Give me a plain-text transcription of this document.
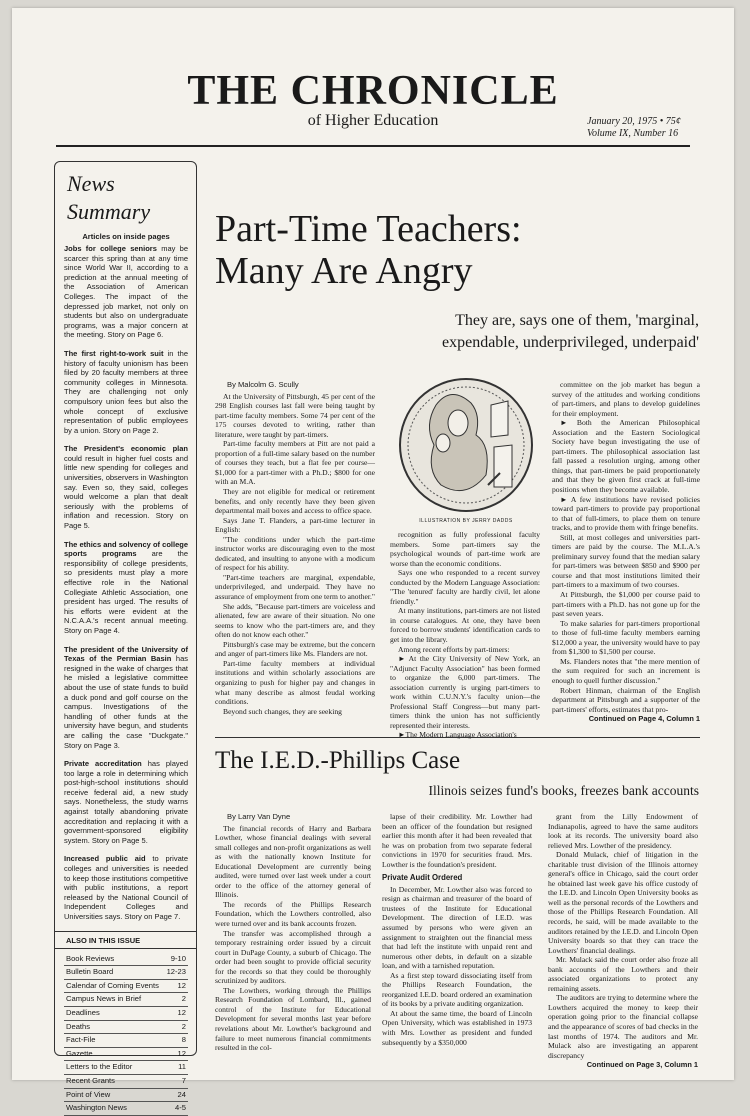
THE CHRONICLE
of Higher Education	January 20, 1975 • 75¢
Volume IX, Number 16
News
Summary
Articles on inside pages
Jobs for college seniors may be scarcer this spring than at any time since World War II, according to a prediction at the annual meeting of the Association of American Colleges. The impact of the depressed job market, not only on students but also on undergraduate programs, was a major concern at the meeting. Story on Page 6.
The first right-to-work suit in the history of faculty unionism has been filed by 20 faculty members at three community colleges in Minnesota. They are challenging not only compulsory union fees but also the whole concept of exclusive representation of public employees by a union. Story on Page 2.
The President's economic plan could result in higher fuel costs and little new spending for colleges and universities, observers in Washington say. Even so, they said, colleges would welcome a plan that dealt seriously with the problems of inflation and recession. Story on Page 5.
The ethics and solvency of college sports programs are the responsibility of college presidents, so presidents must play a more effective role in the National Collegiate Athletic Association, one president has urged. The results of his efforts were evident at the N.C.A.A.'s recent annual meeting. Story on Page 4.
The president of the University of Texas of the Permian Basin has resigned in the wake of charges that he misled a legislative committee about the use of state funds to build a duck pond and golf course on the campus. Investigations of the handling of other funds at the university have begun, and students are calling the case "Duckgate." Story on Page 3.
Private accreditation has played too large a role in determining which post-high-school institutions should receive federal aid, a new study says. Nonetheless, the study warns against totally abandoning private accreditation and replacing it with a government-sponsored eligibility system. Story on Page 5.
Increased public aid to private colleges and universities is needed to keep those institutions competitive with public institutions, a report released by the National Council of Independent Colleges and Universities says. Story on Page 7.
ALSO IN THIS ISSUE
Book Reviews	9-10
Bulletin Board	12-23
Calendar of Coming Events 12
Campus News in Brief	2
Deadlines	12
Deaths	2
Fact-File	8
Gazette	12
Letters to the Editor	11
Recent Grants	7
Point of View	24
Washington News	4-5
Part-Time Teachers:
Many Are Angry
They are, says one of them, 'marginal,
expendable, underprivileged, underpaid'

By Malcolm G. Scully

At the University of Pittsburgh, 45 per cent of the 298 English courses last fall were being taught by part-time faculty members. Some 74 per cent of the 175 courses devoted to writing, rather than literature, were taught by part-timers.

Part-time faculty members at Pitt are not paid a proportion of a full-time salary based on the number of courses they teach, but a flat fee per course—$1,000 for a part-timer with a Ph.D.; $800 for one with an M.A.

They are not eligible for medical or retirement benefits, and only recently have they been given departmental mail boxes and access to office space.

Says Jane T. Flanders, a part-time lecturer in English:

"The conditions under which the part-time instructor works are discouraging even to the most dedicated, and insulting to anyone with a modicum of respect for his ability.

"Part-time teachers are marginal, expendable, underprivileged, and underpaid. They have no assurance of employment from one term to another."

She adds, "Because part-timers are voiceless and alienated, few are aware of their situation. No one seems to know who the part-timers are, and they often do not know each other."

Pittsburgh's case may be extreme, but the concern and anger of part-timers like Ms. Flanders are not.

Part-time faculty members at individual institutions and within scholarly associations are organizing to push for higher pay and changes in what many describe as almost feudal working conditions.

Beyond such changes, they are seeking

ILLUSTRATION BY JERRY DADDS

recognition as fully professional faculty members. Some part-timers say the psychological wounds of part-time work are worse than the economic conditions.

Says one who responded to a recent survey conducted by the Modern Language Association: "The 'tenured' faculty are hardly civil, let alone friendly."

At many institutions, part-timers are not listed in course catalogues. At one, they have been forced to borrow students' identification cards to get into the library.

Among recent efforts by part-timers:

► At the City University of New York, an "Adjunct Faculty Association" has been formed to organize the 6,000 part-timers. The association currently is urging part-timers to work within C.U.N.Y.'s faculty union—the Professional Staff Congress—but many part-timers think the union has not sufficiently represented their interests.

►The Modern Language Association's

committee on the job market has begun a survey of the attitudes and working conditions of part-timers, and plans to develop guidelines for their employment.

► Both the American Philosophical Association and the Eastern Sociological Society have begun investigating the use of part-timers. The philosophical association last fall passed a resolution urging, among other things, that part-timers be paid proportionately and that they be given first crack at full-time positions when they become available.

► A few institutions have revised policies toward part-timers to provide pay proportional to that of full-timers, to place them on tenure tracks, and to provide them with fringe benefits.

Still, at most colleges and universities part-timers are paid by the course. The M.L.A.'s preliminary survey found that the median salary for part-timers was between $850 and $900 per course and that most institutions limited their part-timers to a maximum of two courses.

At Pittsburgh, the $1,000 per course paid to part-timers with a Ph.D. has not gone up for the past seven years.

To make salaries for part-timers proportional to those of full-time faculty members earning $12,000 a year, the university would have to pay from $1,300 to $1,500 per course.

Ms. Flanders notes that "the mere mention of the sum required for such an increment is enough to quell further discussion."

Robert Hinman, chairman of the English department at Pittsburgh and a supporter of the part-timers' efforts, estimates that pro-

Continued on Page 4, Column 1

The I.E.D.-Phillips Case
Illinois seizes fund's books, freezes bank accounts

By Larry Van Dyne

The financial records of Harry and Barbara Lowther, whose financial dealings with several small colleges and non-profit organizations as well as with the nationally known Institute for Educational Development are currently being audited, were turned over last week under a court order to the office of the attorney general of Illinois.

The records of the Phillips Research Foundation, which the Lowthers controlled, also were turned over and its bank accounts frozen.

The transfer was accomplished through a temporary restraining order issued by a circuit court in DuPage County, a suburb of Chicago. The order had been sought to provide official security for the records so that they could be thoroughly scrutinized by auditors.

The Lowthers, working through the Phillips Research Foundation of Lombard, Ill., gained control of the Institute for Educational Development for several months last year before revelations about Mr. Lowther's background and failure to meet numerous financial commitments resulted in the col-

lapse of their credibility. Mr. Lowther had been an officer of the foundation but resigned earlier this month after it had been revealed that he was on probation from two separate federal convictions in 1970 for securities fraud. Mrs. Lowther is the foundation's president.

Private Audit Ordered

In December, Mr. Lowther also was forced to resign as chairman and treasurer of the board of trustees of the Institute for Educational Development. The direction of I.E.D. was assumed by persons who were given an assignment to straighten out the financial mess that had left the institute with unpaid rent and numerous other debts, in default on a sizable loan, and with a tarnished reputation.

As a first step toward dissociating itself from the Phillips Research Foundation, the reorganized I.E.D. board ordered an examination of its books by a private auditing organization.

At about the same time, the board of Lincoln Open University, which was established in 1973 with Mrs. Lowther as president and funded subsequently by a $350,000

grant from the Lilly Endowment of Indianapolis, agreed to have the same auditors look at its records. The university board also relieved Mrs. Lowther of the presidency.

Donald Mulack, chief of litigation in the charitable trust division of the Illinois attorney general's office in Chicago, said the court order he obtained last week gave his office custody of the I.E.D. and Lincoln Open University books as well as the personal records of the Lowthers and those of the Phillips Research Foundation. All records, he said, will be made available to the auditors retained by the I.E.D. and Lincoln Open University boards so that they can trace the Lowthers' financial dealings.

Mr. Mulack said the court order also froze all bank accounts of the Lowthers and their associated organizations to protect any remaining assets.

The auditors are trying to determine where the Lowthers acquired the money to keep their operation going prior to the financial collapse and the appearance of scores of bad checks in the last months of 1974. The auditors and Mr. Mulack also are investigating an apparent discrepancy

Continued on Page 3, Column 1
